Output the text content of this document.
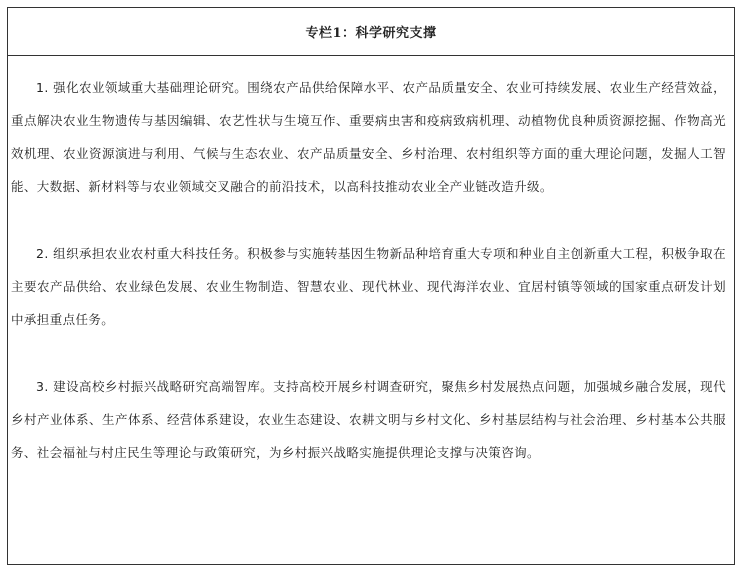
专栏1：科学研究支撑

1. 强化农业领域重大基础理论研究。围绕农产品供给保障水平、农产品质量安全、农业可持续发展、农业生产经营效益，重点解决农业生物遗传与基因编辑、农艺性状与生境互作、重要病虫害和疫病致病机理、动植物优良种质资源挖掘、作物高光效机理、农业资源演进与利用、气候与生态农业、农产品质量安全、乡村治理、农村组织等方面的重大理论问题，发掘人工智能、大数据、新材料等与农业领域交叉融合的前沿技术，以高科技推动农业全产业链改造升级。

2. 组织承担农业农村重大科技任务。积极参与实施转基因生物新品种培育重大专项和种业自主创新重大工程，积极争取在主要农产品供给、农业绿色发展、农业生物制造、智慧农业、现代林业、现代海洋农业、宜居村镇等领域的国家重点研发计划中承担重点任务。

3. 建设高校乡村振兴战略研究高端智库。支持高校开展乡村调查研究，聚焦乡村发展热点问题，加强城乡融合发展，现代乡村产业体系、生产体系、经营体系建设，农业生态建设、农耕文明与乡村文化、乡村基层结构与社会治理、乡村基本公共服务、社会福祉与村庄民生等理论与政策研究，为乡村振兴战略实施提供理论支撑与决策咨询。
